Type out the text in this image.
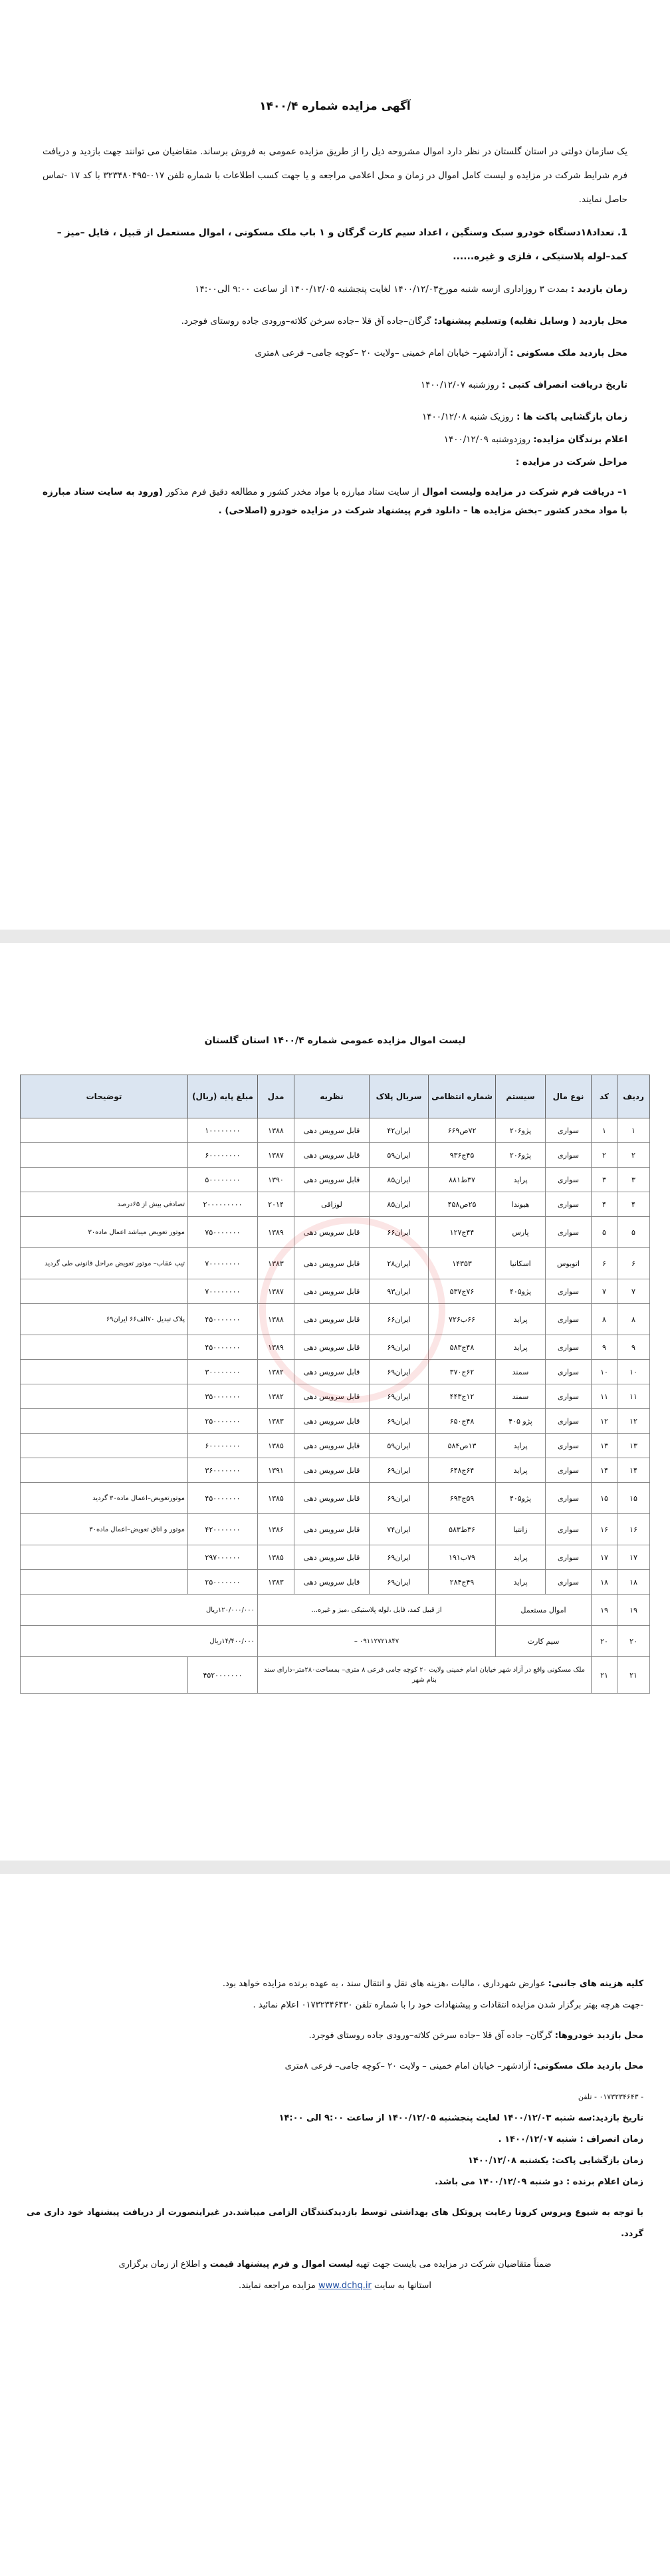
آگهی مزایده شماره ۱۴۰۰/۴

یک سازمان دولتی در استان گلستان در نظر دارد اموال مشروحه ذیل را از طریق مزایده عمومی به فروش برساند. متقاضیان می توانند جهت بازدید و دریافت فرم شرایط شرکت در مزایده و لیست کامل اموال در زمان و محل اعلامی مراجعه و یا جهت کسب اطلاعات با شماره تلفن ۰۱۷-۳۲۳۴۸۰۴۹۵ با کد ۱۷ -تماس حاصل نمایند.

1. تعداد۱۸دستگاه خودرو سبک وسنگین ، اعداد سیم کارت گرگان و ۱ باب ملک مسکونی ، اموال مستعمل از قبیل ، فایل –میز –کمد–لوله پلاستیکی ، فلزی و غیره......

زمان بازدید : بمدت ۳ روزاداری ازسه شنبه مورخ۱۴۰۰/۱۲/۰۳ لغایت پنجشنبه ۱۴۰۰/۱۲/۰۵ از ساعت ۹:۰۰ الی۱۴:۰۰

محل بازدید ( وسایل نقلیه) وتسلیم پیشنهاد: گرگان–جاده آق قلا –جاده سرخن کلاته–ورودی جاده روستای فوجرد.

محل بازدید ملک مسکونی : آزادشهر– خیابان امام خمینی –ولایت ۲۰ –کوچه جامی– فرعی ۸متری

تاریخ دریافت انصراف کتبی : روزشنبه ۱۴۰۰/۱۲/۰۷

زمان بازگشایی پاکت ها : روزیک شنبه ۱۴۰۰/۱۲/۰۸

اعلام برندگان مزایده: روزدوشنبه ۱۴۰۰/۱۲/۰۹

مراحل شرکت در مزایده :

۱– دریافت فرم شرکت در مزایده ولیست اموال از سایت ستاد مبارزه با مواد مخدر کشور و مطالعه دقیق فرم مذکور (ورود به سایت ستاد مبارزه با مواد مخدر کشور –بخش مزایده ها – دانلود فرم پیشنهاد شرکت در مزایده خودرو (اصلاحی) .

لیست اموال مزایده عمومی شماره ۱۴۰۰/۴ استان گلستان

ردیف	کد	نوع مال	سیستم	شماره انتظامی	سریال پلاک	نظریه	مدل	مبلغ پایه (ریال)	توضیحات
۱	۱	سواری	پژو۲۰۶	۷۲ص۶۶۹	ایران۴۲	قابل سرویس دهی	۱۳۸۸	۱۰۰۰۰۰۰۰۰	
۲	۲	سواری	پژو۲۰۶	۴۵ج۹۳۶	ایران۵۹	قابل سرویس دهی	۱۳۸۷	۶۰۰۰۰۰۰۰۰	
۳	۳	سواری	پراید	۳۷ط۸۸۱	ایران۸۵	قابل سرویس دهی	۱۳۹۰	۵۰۰۰۰۰۰۰۰	
۴	۴	سواری	هیوندا	۲۵ص۴۵۸	ایران۸۵	لوزاقی	۲۰۱۴	۲۰۰۰۰۰۰۰۰۰	تصادفی بیش از ۶۵درصد
۵	۵	سواری	پارس	۴۴ج۱۲۷	ایران۶۶	قابل سرویس دهی	۱۳۸۹	۷۵۰۰۰۰۰۰۰	موتور تعویض میباشد اعمال ماده۳۰
۶	۶	اتوبوس	اسکانیا	۱۴۳۵۳	ایران۲۸	قابل سرویس دهی	۱۳۸۳	۷۰۰۰۰۰۰۰۰	تیپ عقاب– موتور تعویض مراحل قانونی طی گردید
۷	۷	سواری	پژو۴۰۵	۷۶ج۵۳۷	ایران۹۳	قابل سرویس دهی	۱۳۸۷	۷۰۰۰۰۰۰۰۰	
۸	۸	سواری	پراید	۶۶ب۷۲۶	ایران۶۶	قابل سرویس دهی	۱۳۸۸	۴۵۰۰۰۰۰۰۰	پلاک تبدیل ۷۰الف۶۶ ایران۶۹
۹	۹	سواری	پراید	۴۸ج۵۸۳	ایران۶۹	قابل سرویس دهی	۱۳۸۹	۴۵۰۰۰۰۰۰۰	
۱۰	۱۰	سواری	سمند	۶۲ج۳۷۰	ایران۶۹	قابل سرویس دهی	۱۳۸۲	۳۰۰۰۰۰۰۰۰	
۱۱	۱۱	سواری	سمند	۱۲ج۴۴۳	ایران۶۹	قابل سرویس دهی	۱۳۸۲	۳۵۰۰۰۰۰۰۰	
۱۲	۱۲	سواری	پژو ۴۰۵	۴۸ج۶۵۰	ایران۶۹	قابل سرویس دهی	۱۳۸۳	۲۵۰۰۰۰۰۰۰	
۱۳	۱۳	سواری	پراید	۱۳ص۵۸۴	ایران۵۹	قابل سرویس دهی	۱۳۸۵	۶۰۰۰۰۰۰۰۰	
۱۴	۱۴	سواری	پراید	۶۴ج۶۴۸	ایران۶۹	قابل سرویس دهی	۱۳۹۱	۳۶۰۰۰۰۰۰۰	
۱۵	۱۵	سواری	پژو۴۰۵	۵۹ج۶۹۳	ایران۶۹	قابل سرویس دهی	۱۳۸۵	۴۵۰۰۰۰۰۰۰	موتورتعویض–اعمال ماده۳۰ گردید
۱۶	۱۶	سواری	زانتیا	۳۶ط۵۸۳	ایران۷۴	قابل سرویس دهی	۱۳۸۶	۴۲۰۰۰۰۰۰۰	موتور و اتاق تعویض–اعمال ماده۳۰
۱۷	۱۷	سواری	پراید	۷۹ب۱۹۱	ایران۶۹	قابل سرویس دهی	۱۳۸۵	۲۹۷۰۰۰۰۰۰	
۱۸	۱۸	سواری	پراید	۴۹ج۲۸۴	ایران۶۹	قابل سرویس دهی	۱۳۸۳	۲۵۰۰۰۰۰۰۰	
۱۹	۱۹	اموال مستعمل		از قبیل کمد، فایل ،لوله پلاستیکی ،میز و غیره...				۱۲۰/۰۰۰/۰۰۰ریال	
۲۰	۲۰	سیم کارت		۰۹۱۱۲۷۲۱۸۴۷ –				۱۴/۴۰۰/۰۰۰ریال	
۲۱	۲۱	ملک مسکونی واقع در آزاد شهر خیابان امام خمینی ولایت ۲۰ کوچه جامی فرعی ۸ متری– بمساحت۲۸۰متر–دارای سند بنام شهر						۴۵۲۰۰۰۰۰۰۰	

کلیه هزینه های جانبی: عوارض شهرداری ، مالیات ،هزینه های نقل و انتقال سند ، به عهده برنده مزایده خواهد بود.

-جهت هرچه بهتر برگزار شدن مزایده انتقادات و پیشنهادات خود را با شماره تلفن ۰۱۷۳۲۳۴۶۴۳۰ اعلام نمائید .

محل بازدید خودروها: گرگان– جاده آق قلا –جاده سرخن کلاته–ورودی جاده روستای فوجرد.

محل بازدید ملک مسکونی: آزادشهر– خیابان امام خمینی – ولایت ۲۰ –کوچه جامی– فرعی ۸متری

- ۰۱۷۳۲۳۴۶۴۳ - تلفن

تاریخ بازدید:سه شنبه ۱۴۰۰/۱۲/۰۳ لغایت پنجشنبه ۱۴۰۰/۱۲/۰۵ از ساعت ۹:۰۰ الی ۱۴:۰۰

زمان انصراف : شنبه ۱۴۰۰/۱۲/۰۷ .

زمان بازگشایی پاکت: یکشنبه ۱۴۰۰/۱۲/۰۸

زمان اعلام برنده : دو شنبه ۱۴۰۰/۱۲/۰۹ می باشد.

با توجه به شیوع ویروس کرونا رعایت پروتکل های بهداشتی توسط بازدیدکنندگان الزامی میباشد.در غیراینصورت از دریافت پیشنهاد خود داری می گردد.

ضمناً متقاضیان شرکت در مزایده می بایست جهت تهیه لیست اموال و فرم پیشنهاد قیمت و اطلاع از زمان برگزاری

استانها به سایت www.dchq.ir مزایده مراجعه نمایند.
